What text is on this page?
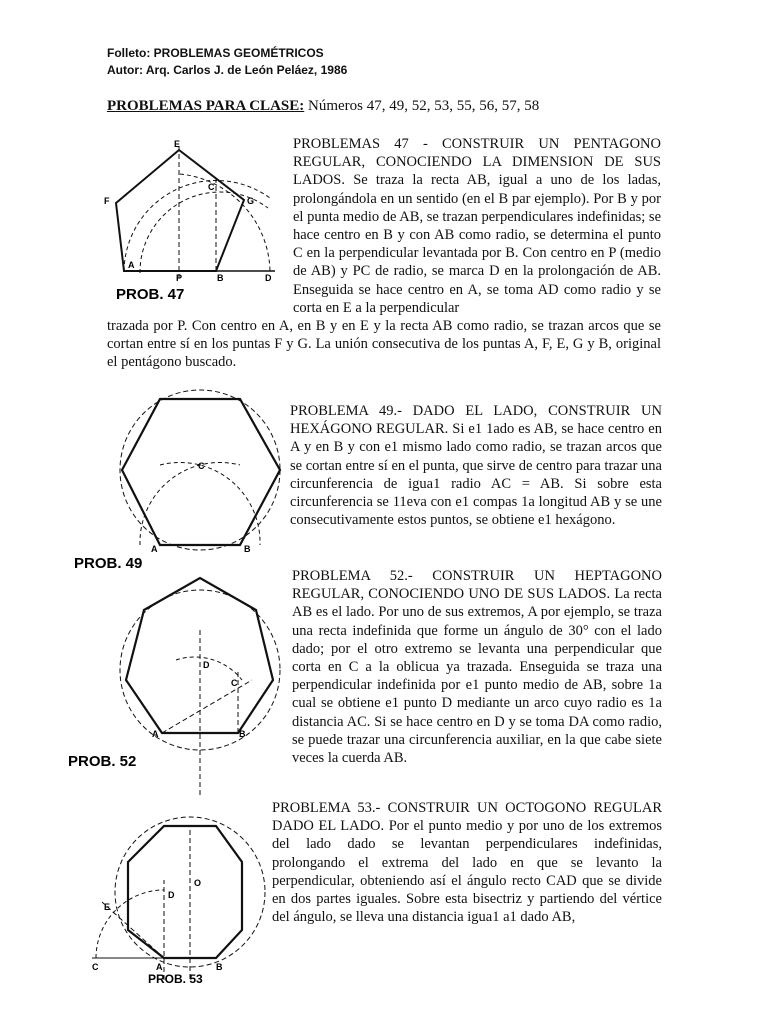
Folleto: PROBLEMAS GEOMÉTRICOS
Autor: Arq. Carlos J. de León Peláez, 1986
PROBLEMAS PARA CLASE: Números 47, 49, 52, 53, 55, 56, 57, 58
E
F
C
G
A
P	B	D
PROB. 47
PROBLEMAS 47 - CONSTRUIR UN PENTAGONO REGULAR, CONOCIENDO LA DIMENSION DE SUS LADOS. Se traza la recta AB, igual a uno de los ladas, prolongándola en un sentido (en el B par ejemplo). Por B y por el punta medio de AB, se trazan perpendiculares indefinidas; se hace centro en B y con AB como radio, se determina el punto C en la perpendicular levantada por B. Con centro en P (medio de AB) y PC de radio, se marca D en la prolongación de AB. Enseguida se hace centro en A, se toma AD como radio y se corta en E a la perpendicular
trazada por P. Con centro en A, en B y en E y la recta AB como radio, se trazan arcos que se cortan entre sí en los puntas F y G. La unión consecutiva de los puntas A, F, E, G y B, original el pentágono buscado.
C
A	B
PROB. 49
PROBLEMA 49.- DADO EL LADO, CONSTRUIR UN HEXÁGONO REGULAR. Si e1 1ado es AB, se hace centro en A y en B y con e1 mismo lado como radio, se trazan arcos que se cortan entre sí en el punta, que sirve de centro para trazar una circunferencia de igua1 radio AC = AB. Si sobre esta circunferencia se 11eva con e1 compas 1a longitud AB y se une consecutivamente estos puntos, se obtiene e1 hexágono.
D
C
A	B
PROB. 52
PROBLEMA 52.- CONSTRUIR UN HEPTAGONO REGULAR, CONOCIENDO UNO DE SUS LADOS. La recta AB es el lado. Por uno de sus extremos, A por ejemplo, se traza una recta indefinida que forme un ángulo de 30° con el lado dado; por el otro extremo se levanta una perpendicular que corta en C a la oblicua ya trazada. Enseguida se traza una perpendicular indefinida por e1 punto medio de AB, sobre 1a cual se obtiene e1 punto D mediante un arco cuyo radio es 1a distancia AC. Si se hace centro en D y se toma DA como radio, se puede trazar una circunferencia auxiliar, en la que cabe siete veces la cuerda AB.
O
E
D
C	A	B
PROB. 53
PROBLEMA 53.- CONSTRUIR UN OCTOGONO REGULAR DADO EL LADO. Por el punto medio y por uno de los extremos del lado dado se levantan perpendiculares indefinidas, prolongando el extrema del lado en que se levanto la perpendicular, obteniendo así el ángulo recto CAD que se divide en dos partes iguales. Sobre esta bisectriz y partiendo del vértice del ángulo, se lleva una distancia igua1 a1 dado AB,
